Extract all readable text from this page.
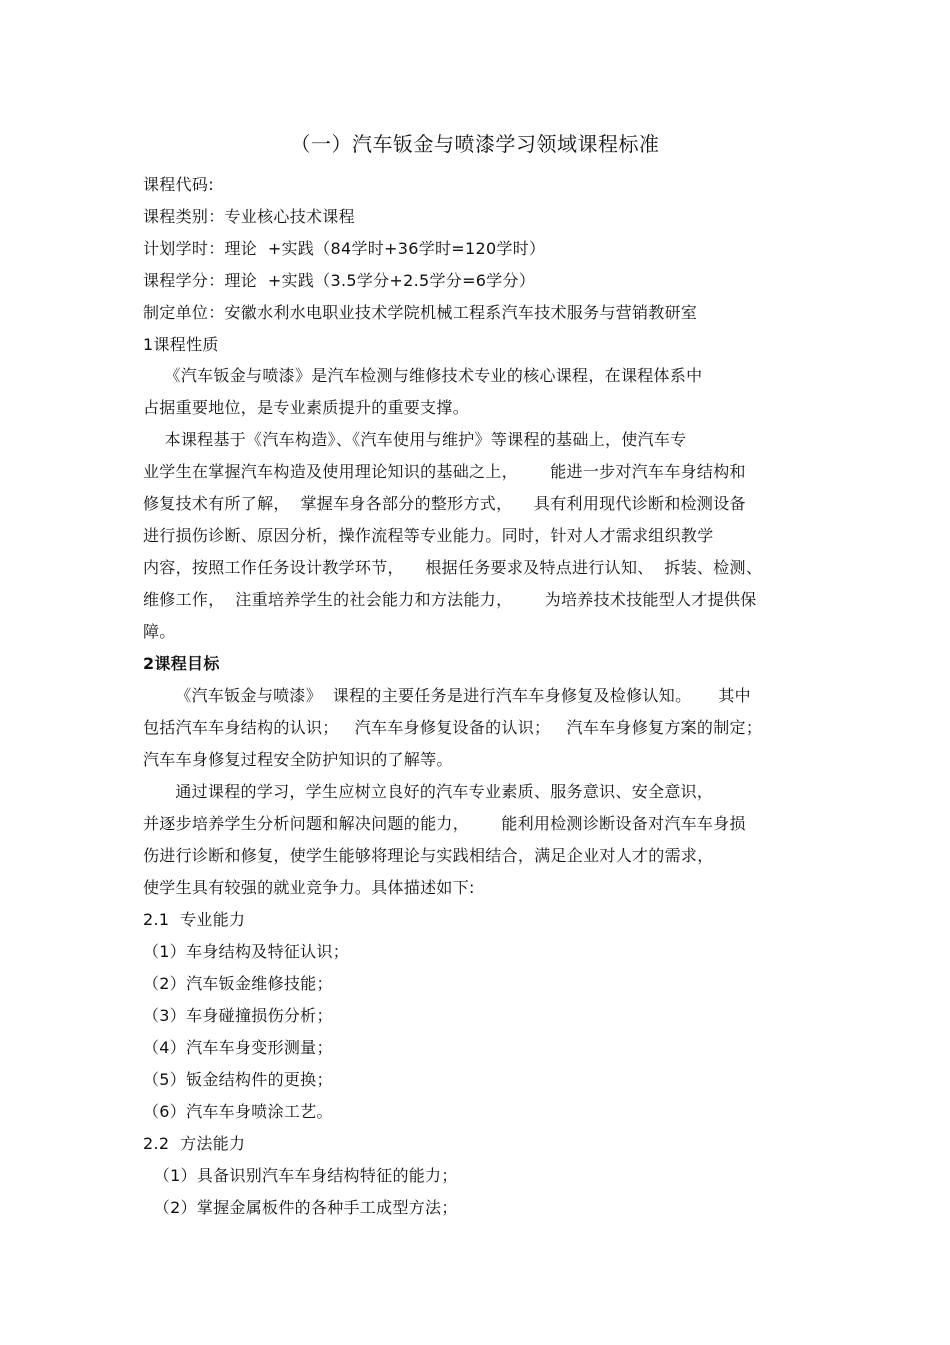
（一）汽车钣金与喷漆学习领域课程标准
课程代码:
课程类别：专业核心技术课程
计划学时：理论  +实践（84学时+36学时=120学时）
课程学分：理论  +实践（3.5学分+2.5学分=6学分）
制定单位：安徽水利水电职业技术学院机械工程系汽车技术服务与营销教研室
1课程性质
《汽车钣金与喷漆》是汽车检测与维修技术专业的核心课程，在课程体系中
占据重要地位，是专业素质提升的重要支撑。
本课程基于《汽车构造》、《汽车使用与维护》等课程的基础上，使汽车专
业学生在掌握汽车构造及使用理论知识的基础之上，      能进一步对汽车车身结构和
修复技术有所了解，  掌握车身各部分的整形方式，    具有利用现代诊断和检测设备
进行损伤诊断、原因分析，操作流程等专业能力。同时，针对人才需求组织教学
内容，按照工作任务设计教学环节，    根据任务要求及特点进行认知、  拆装、检测、
维修工作，  注重培养学生的社会能力和方法能力，      为培养技术技能型人才提供保
障。
2课程目标
《汽车钣金与喷漆》  课程的主要任务是进行汽车车身修复及检修认知。     其中
包括汽车车身结构的认识；   汽车车身修复设备的认识；   汽车车身修复方案的制定；
汽车车身修复过程安全防护知识的了解等。
通过课程的学习，学生应树立良好的汽车专业素质、服务意识、安全意识，
并逐步培养学生分析问题和解决问题的能力，      能利用检测诊断设备对汽车车身损
伤进行诊断和修复，使学生能够将理论与实践相结合，满足企业对人才的需求，
使学生具有较强的就业竞争力。具体描述如下:
2.1  专业能力
（1）车身结构及特征认识；
（2）汽车钣金维修技能；
（3）车身碰撞损伤分析；
（4）汽车车身变形测量；
（5）钣金结构件的更换；
（6）汽车车身喷涂工艺。
2.2  方法能力
（1）具备识别汽车车身结构特征的能力；
（2）掌握金属板件的各种手工成型方法；
